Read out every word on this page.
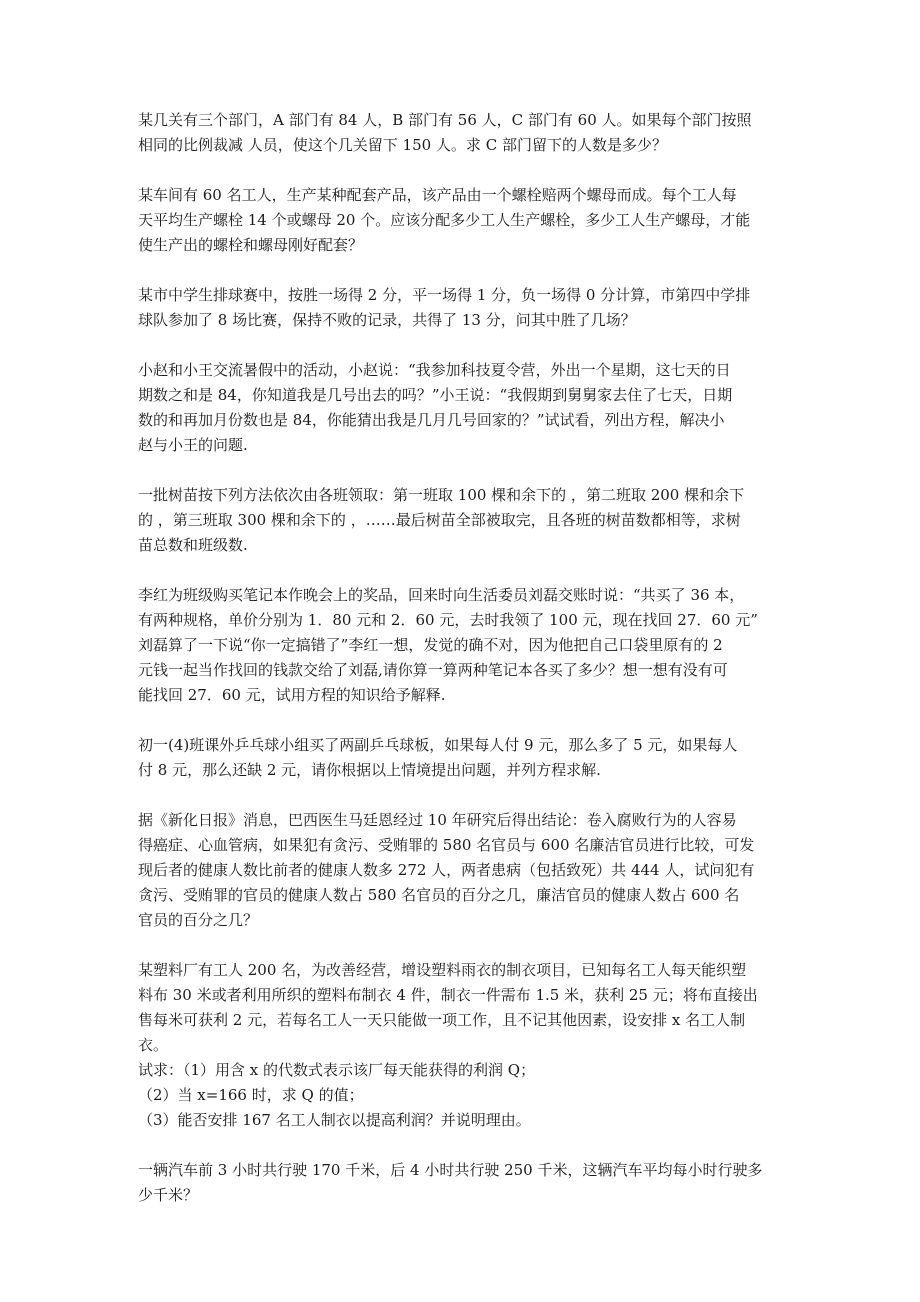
某几关有三个部门，A 部门有 84 人，B 部门有 56 人，C 部门有 60 人。如果每个部门按照
相同的比例裁减 人员，使这个几关留下 150 人。求 C 部门留下的人数是多少？
某车间有 60 名工人，生产某种配套产品，该产品由一个螺栓赔两个螺母而成。每个工人每
天平均生产螺栓 14 个或螺母 20 个。应该分配多少工人生产螺栓，多少工人生产螺母，才能
使生产出的螺栓和螺母刚好配套？
某市中学生排球赛中，按胜一场得 2 分，平一场得 1 分，负一场得 0 分计算，市第四中学排
球队参加了 8 场比赛，保持不败的记录，共得了 13 分，问其中胜了几场？
小赵和小王交流暑假中的活动，小赵说：“我参加科技夏令营，外出一个星期，这七天的日
期数之和是 84，你知道我是几号出去的吗？”小王说：“我假期到舅舅家去住了七天，日期
数的和再加月份数也是 84，你能猜出我是几月几号回家的？”试试看，列出方程，解决小
赵与小王的问题.
一批树苗按下列方法依次由各班领取：第一班取 100 棵和余下的 ，第二班取 200 棵和余下
的 ，第三班取 300 棵和余下的 ，……最后树苗全部被取完，且各班的树苗数都相等，求树
苗总数和班级数.
李红为班级购买笔记本作晚会上的奖品，回来时向生活委员刘磊交账时说：“共买了 36 本，
有两种规格，单价分别为 1．80 元和 2．60 元，去时我领了 100 元，现在找回 27．60 元”
刘磊算了一下说“你一定搞错了”李红一想，发觉的确不对，因为他把自己口袋里原有的 2
元钱一起当作找回的钱款交给了刘磊,请你算一算两种笔记本各买了多少？想一想有没有可
能找回 27．60 元，试用方程的知识给予解释.
初一(4)班课外乒乓球小组买了两副乒乓球板，如果每人付 9 元，那么多了 5 元，如果每人
付 8 元，那么还缺 2 元，请你根据以上情境提出问题，并列方程求解.
据《新化日报》消息，巴西医生马廷恩经过 10 年研究后得出结论：卷入腐败行为的人容易
得癌症、心血管病，如果犯有贪污、受贿罪的 580 名官员与 600 名廉洁官员进行比较，可发
现后者的健康人数比前者的健康人数多 272 人，两者患病（包括致死）共 444 人，试问犯有
贪污、受贿罪的官员的健康人数占 580 名官员的百分之几，廉洁官员的健康人数占 600 名
官员的百分之几？
某塑料厂有工人 200 名，为改善经营，增设塑料雨衣的制衣项目，已知每名工人每天能织塑
料布 30 米或者利用所织的塑料布制衣 4 件，制衣一件需布 1.5 米，获利 25 元；将布直接出
售每米可获利 2 元，若每名工人一天只能做一项工作，且不记其他因素，设安排 x 名工人制
衣。
试求：（1）用含 x 的代数式表示该厂每天能获得的利润 Q；
（2）当 x=166 时，求 Q 的值；
（3）能否安排 167 名工人制衣以提高利润？并说明理由。
一辆汽车前 3 小时共行驶 170 千米，后 4 小时共行驶 250 千米，这辆汽车平均每小时行驶多
少千米？
